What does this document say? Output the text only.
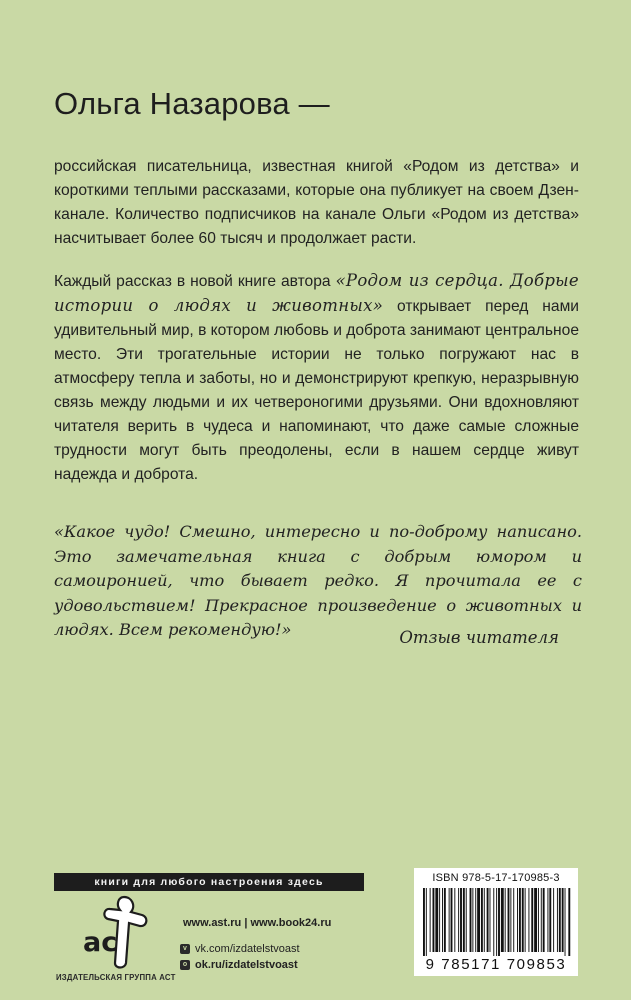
Ольга Назарова —

российская писательница, известная книгой «Родом из детства» и короткими теплыми рассказами, которые она публикует на своем Дзен-канале. Количество подписчиков на канале Ольги «Родом из детства» насчитывает более 60 тысяч и продолжает расти.

Каждый рассказ в новой книге автора «Родом из сердца. Добрые истории о людях и животных» открывает перед нами удивительный мир, в котором любовь и доброта занимают центральное место. Эти трогательные истории не только погружают нас в атмосферу тепла и заботы, но и демонстрируют крепкую, неразрывную связь между людьми и их четвероногими друзьями. Они вдохновляют читателя верить в чудеса и напоминают, что даже самые сложные трудности могут быть преодолены, если в нашем сердце живут надежда и доброта.

«Какое чудо! Смешно, интересно и по-доброму написано. Это замечательная книга с добрым юмором и самоиронией, что бывает редко. Я прочитала ее с удовольствием! Прекрасное произведение о животных и людях. Всем рекомендую!»	Отзыв читателя
книги для любого настроения здесь
ac
ИЗДАТЕЛЬСКАЯ ГРУППА АСТ
www.ast.ru | www.book24.ru
v vk.com/izdatelstvoast
o ok.ru/izdatelstvoast
ISBN 978-5-17-170985-3
9 785171 709853
